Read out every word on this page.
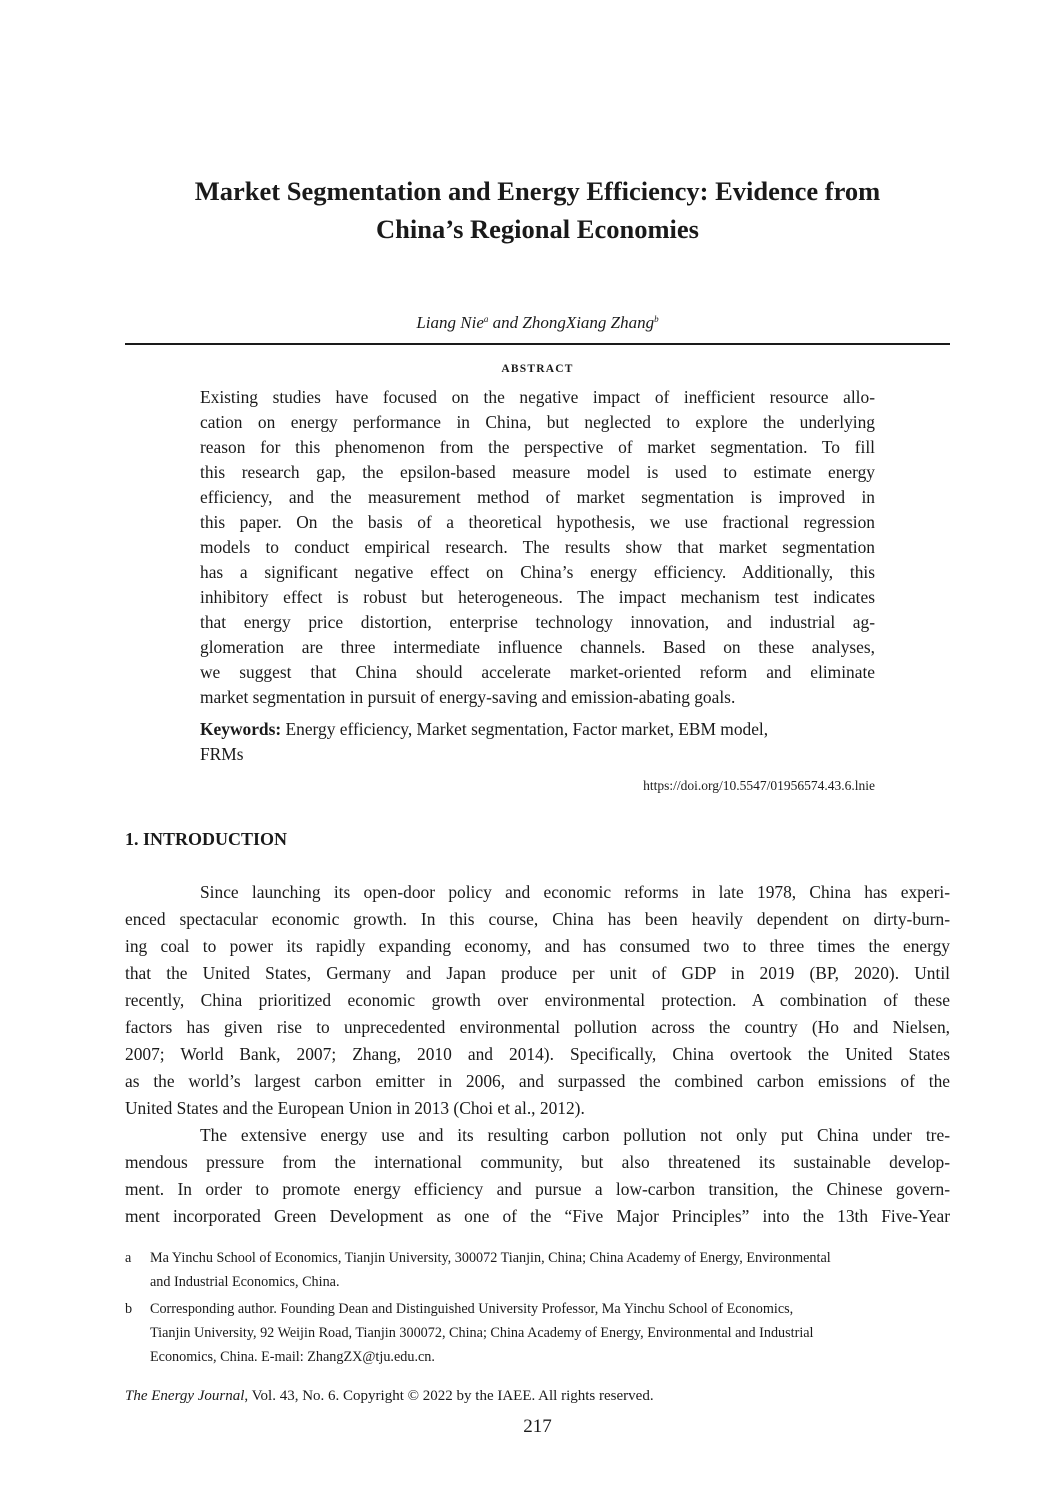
Market Segmentation and Energy Efficiency: Evidence from
China’s Regional Economies
Liang Nie$^a$ and ZhongXiang Zhang$^b$
ABSTRACT
Existing studies have focused on the negative impact of inefficient resource allo-
cation on energy performance in China, but neglected to explore the underlying
reason for this phenomenon from the perspective of market segmentation. To fill
this research gap, the epsilon-based measure model is used to estimate energy
efficiency, and the measurement method of market segmentation is improved in
this paper. On the basis of a theoretical hypothesis, we use fractional regression
models to conduct empirical research. The results show that market segmentation
has a significant negative effect on China’s energy efficiency. Additionally, this
inhibitory effect is robust but heterogeneous. The impact mechanism test indicates
that energy price distortion, enterprise technology innovation, and industrial ag-
glomeration are three intermediate influence channels. Based on these analyses,
we suggest that China should accelerate market-oriented reform and eliminate
market segmentation in pursuit of energy-saving and emission-abating goals.
Keywords: Energy efficiency, Market segmentation, Factor market, EBM model,
FRMs
https://doi.org/10.5547/01956574.43.6.lnie
1. INTRODUCTION
Since launching its open-door policy and economic reforms in late 1978, China has experi-
enced spectacular economic growth. In this course, China has been heavily dependent on dirty-burn-
ing coal to power its rapidly expanding economy, and has consumed two to three times the energy
that the United States, Germany and Japan produce per unit of GDP in 2019 (BP, 2020). Until
recently, China prioritized economic growth over environmental protection. A combination of these
factors has given rise to unprecedented environmental pollution across the country (Ho and Nielsen,
2007; World Bank, 2007; Zhang, 2010 and 2014). Specifically, China overtook the United States
as the world’s largest carbon emitter in 2006, and surpassed the combined carbon emissions of the
United States and the European Union in 2013 (Choi et al., 2012).
The extensive energy use and its resulting carbon pollution not only put China under tre-
mendous pressure from the international community, but also threatened its sustainable develop-
ment. In order to promote energy efficiency and pursue a low-carbon transition, the Chinese govern-
ment incorporated Green Development as one of the “Five Major Principles” into the 13th Five-Year
a Ma Yinchu School of Economics, Tianjin University, 300072 Tianjin, China; China Academy of Energy, Environmental
and Industrial Economics, China.
b Corresponding author. Founding Dean and Distinguished University Professor, Ma Yinchu School of Economics,
Tianjin University, 92 Weijin Road, Tianjin 300072, China; China Academy of Energy, Environmental and Industrial
Economics, China. E-mail: ZhangZX@tju.edu.cn.
The Energy Journal, Vol. 43, No. 6. Copyright © 2022 by the IAEE. All rights reserved.
217
